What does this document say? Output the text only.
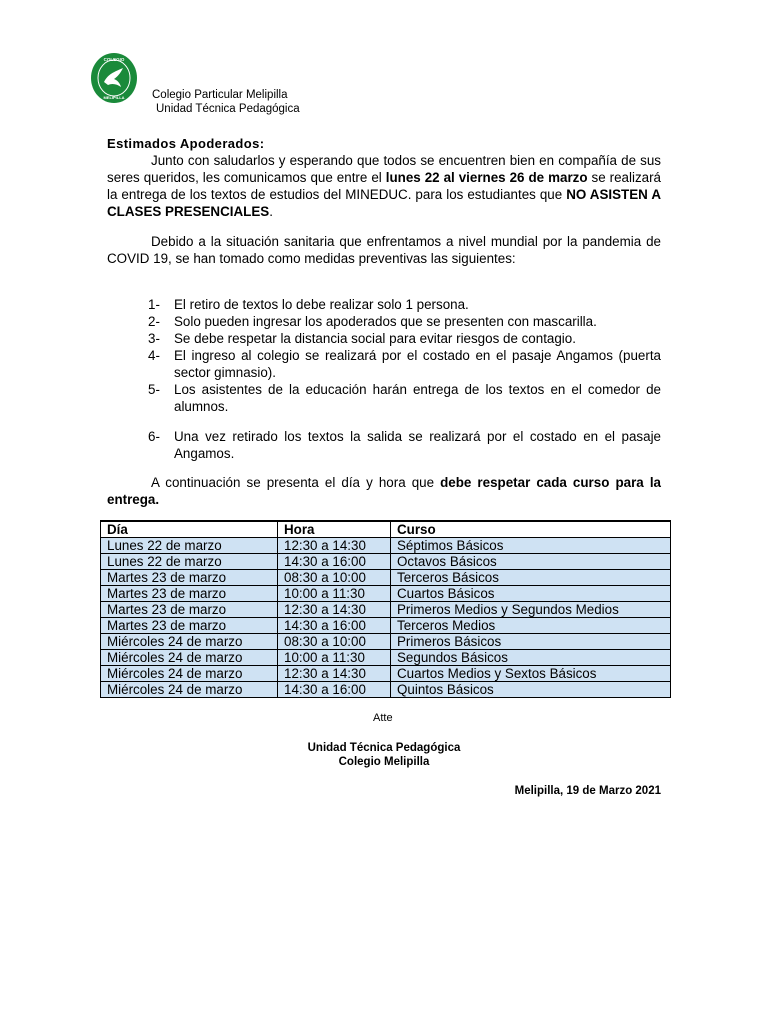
COLEGIO
MELIPILLA Colegio Particular Melipilla
Unidad Técnica Pedagógica
Estimados Apoderados:
Junto con saludarlos y esperando que todos se encuentren bien en compañía de sus seres queridos, les comunicamos que entre el lunes 22 al viernes 26 de marzo se realizará la entrega de los textos de estudios del MINEDUC. para los estudiantes que NO ASISTEN A CLASES PRESENCIALES.
Debido a la situación sanitaria que enfrentamos a nivel mundial por la pandemia de COVID 19, se han tomado como medidas preventivas las siguientes:
1- El retiro de textos lo debe realizar solo 1 persona.
2- Solo pueden ingresar los apoderados que se presenten con mascarilla.
3- Se debe respetar la distancia social para evitar riesgos de contagio.
4- El ingreso al colegio se realizará por el costado en el pasaje Angamos (puerta sector gimnasio).
5- Los asistentes de la educación harán entrega de los textos en el comedor de alumnos.
6- Una vez retirado los textos la salida se realizará por el costado en el pasaje Angamos.
A continuación se presenta el día y hora que debe respetar cada curso para la entrega.
Día	Hora	Curso
Lunes 22 de marzo	12:30 a 14:30	Séptimos Básicos
Lunes 22 de marzo	14:30 a 16:00	Octavos Básicos
Martes 23 de marzo	08:30 a 10:00	Terceros Básicos
Martes 23 de marzo	10:00 a 11:30	Cuartos Básicos
Martes 23 de marzo	12:30 a 14:30	Primeros Medios y Segundos Medios
Martes 23 de marzo	14:30 a 16:00	Terceros Medios
Miércoles 24 de marzo	08:30 a 10:00	Primeros Básicos
Miércoles 24 de marzo	10:00 a 11:30	Segundos Básicos
Miércoles 24 de marzo	12:30 a 14:30	Cuartos Medios y Sextos Básicos
Miércoles 24 de marzo	14:30 a 16:00	Quintos Básicos
Atte
Unidad Técnica Pedagógica
Colegio Melipilla
Melipilla, 19 de Marzo 2021
